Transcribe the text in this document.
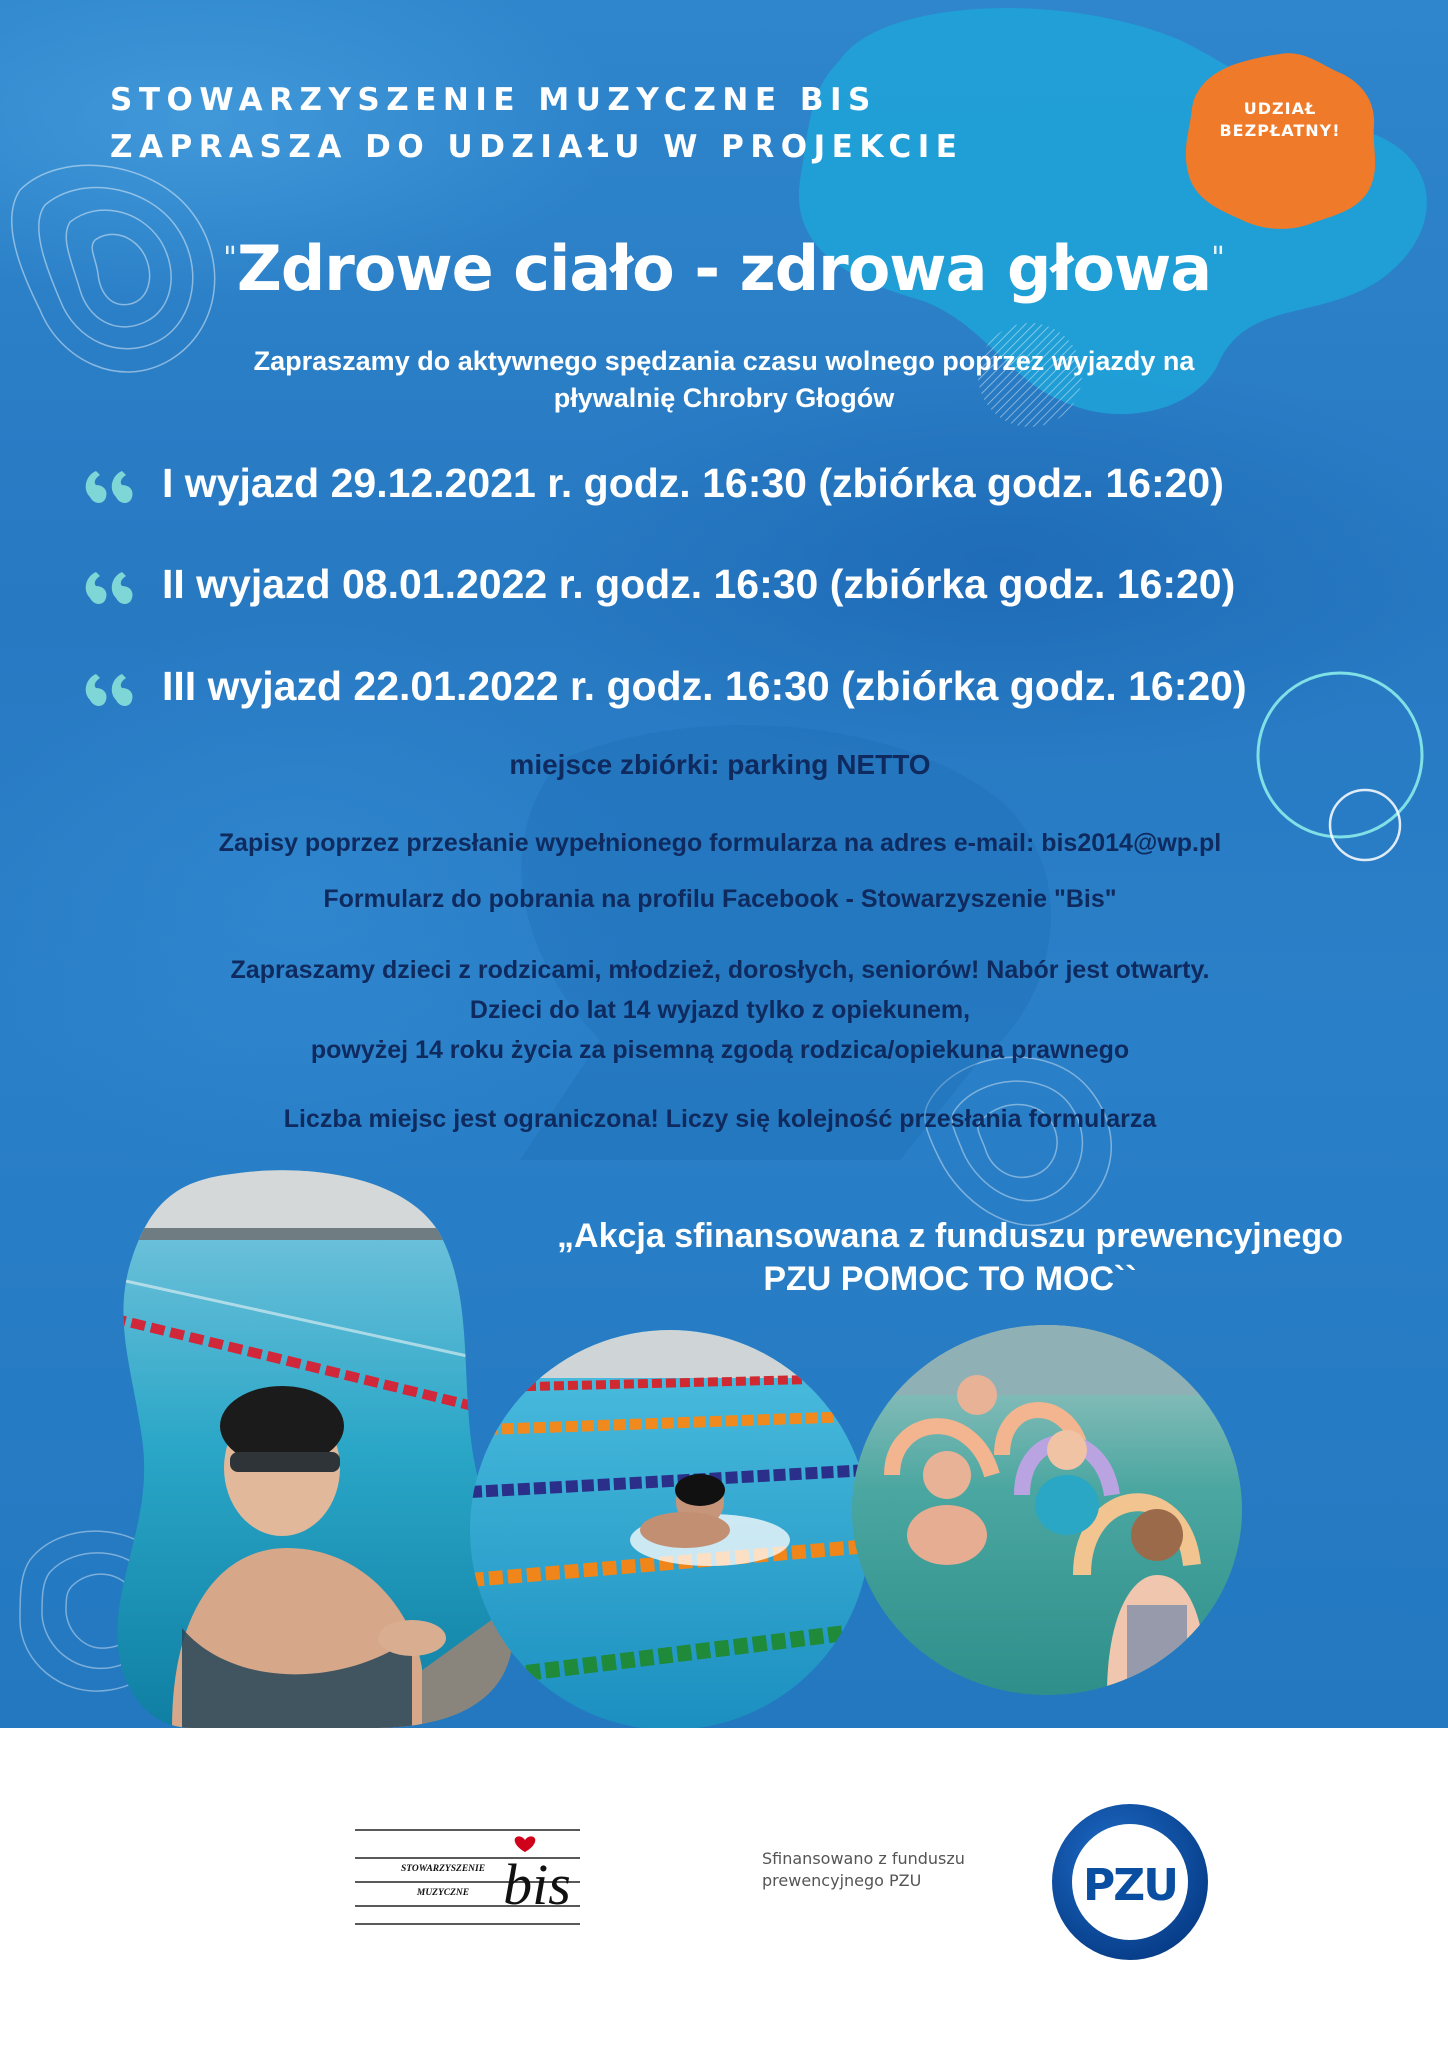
STOWARZYSZENIE MUZYCZNE BIS
ZAPRASZA DO UDZIAŁU W PROJEKCIE
UDZIAŁ
BEZPŁATNY!
"Zdrowe ciało - zdrowa głowa"
Zapraszamy do aktywnego spędzania czasu wolnego poprzez wyjazdy na
pływalnię Chrobry Głogów
I wyjazd 29.12.2021 r. godz. 16:30 (zbiórka godz. 16:20)
II wyjazd 08.01.2022 r. godz. 16:30 (zbiórka godz. 16:20)
III wyjazd 22.01.2022 r. godz. 16:30 (zbiórka godz. 16:20)
miejsce zbiórki: parking NETTO
Zapisy poprzez przesłanie wypełnionego formularza na adres e-mail: bis2014@wp.pl
Formularz do pobrania na profilu Facebook - Stowarzyszenie "Bis"
Zapraszamy dzieci z rodzicami, młodzież, dorosłych, seniorów! Nabór jest otwarty.
Dzieci do lat 14 wyjazd tylko z opiekunem,
powyżej 14 roku życia za pisemną zgodą rodzica/opiekuna prawnego
Liczba miejsc jest ograniczona! Liczy się kolejność przesłania formularza
„Akcja sfinansowana z funduszu prewencyjnego
PZU POMOC TO MOC``
STOWARZYSZENIE
MUZYCZNE bis	Sfinansowano z funduszu
prewencyjnego PZU	PZU
